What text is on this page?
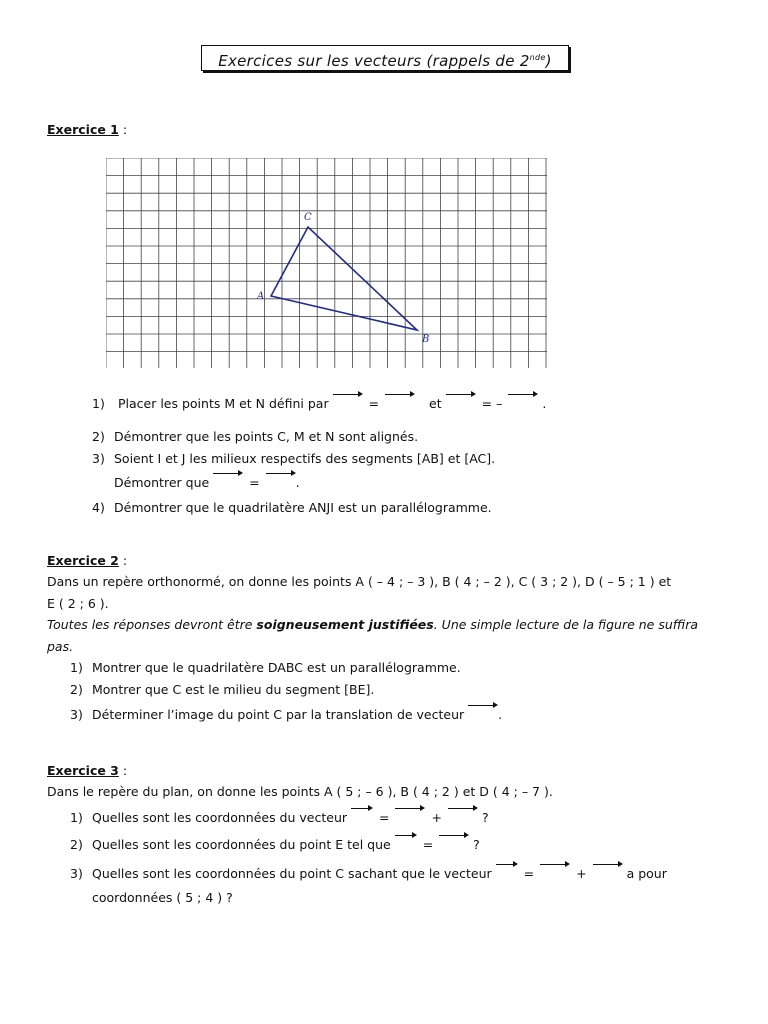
Exercices sur les vecteurs (rappels de 2nde)
Exercice 1 :
A
B
C
1) Placer les points M et N défini par	=	et	= –	.
2) Démontrer que les points C, M et N sont alignés.
3) Soient I et J les milieux respectifs des segments [AB] et [AC].
Démontrer que	=	.
4) Démontrer que le quadrilatère ANJI est un parallélogramme.
Exercice 2 :
Dans un repère orthonormé, on donne les points A ( – 4 ; – 3 ), B ( 4 ; – 2 ), C ( 3 ; 2 ), D ( – 5 ; 1 ) et
E ( 2 ; 6 ).
Toutes les réponses devront être soigneusement justifiées. Une simple lecture de la figure ne suffira
pas.
1) Montrer que le quadrilatère DABC est un parallélogramme.
2) Montrer que C est le milieu du segment [BE].
3) Déterminer l’image du point C par la translation de vecteur	.
Exercice 3 :
Dans le repère du plan, on donne les points A ( 5 ; – 6 ), B ( 4 ; 2 ) et D ( 4 ; – 7 ).
1) Quelles sont les coordonnées du vecteur	=	+	?
2) Quelles sont les coordonnées du point E tel que	=	?
3) Quelles sont les coordonnées du point C sachant que le vecteur	=	+	a pour
coordonnées ( 5 ; 4 ) ?
